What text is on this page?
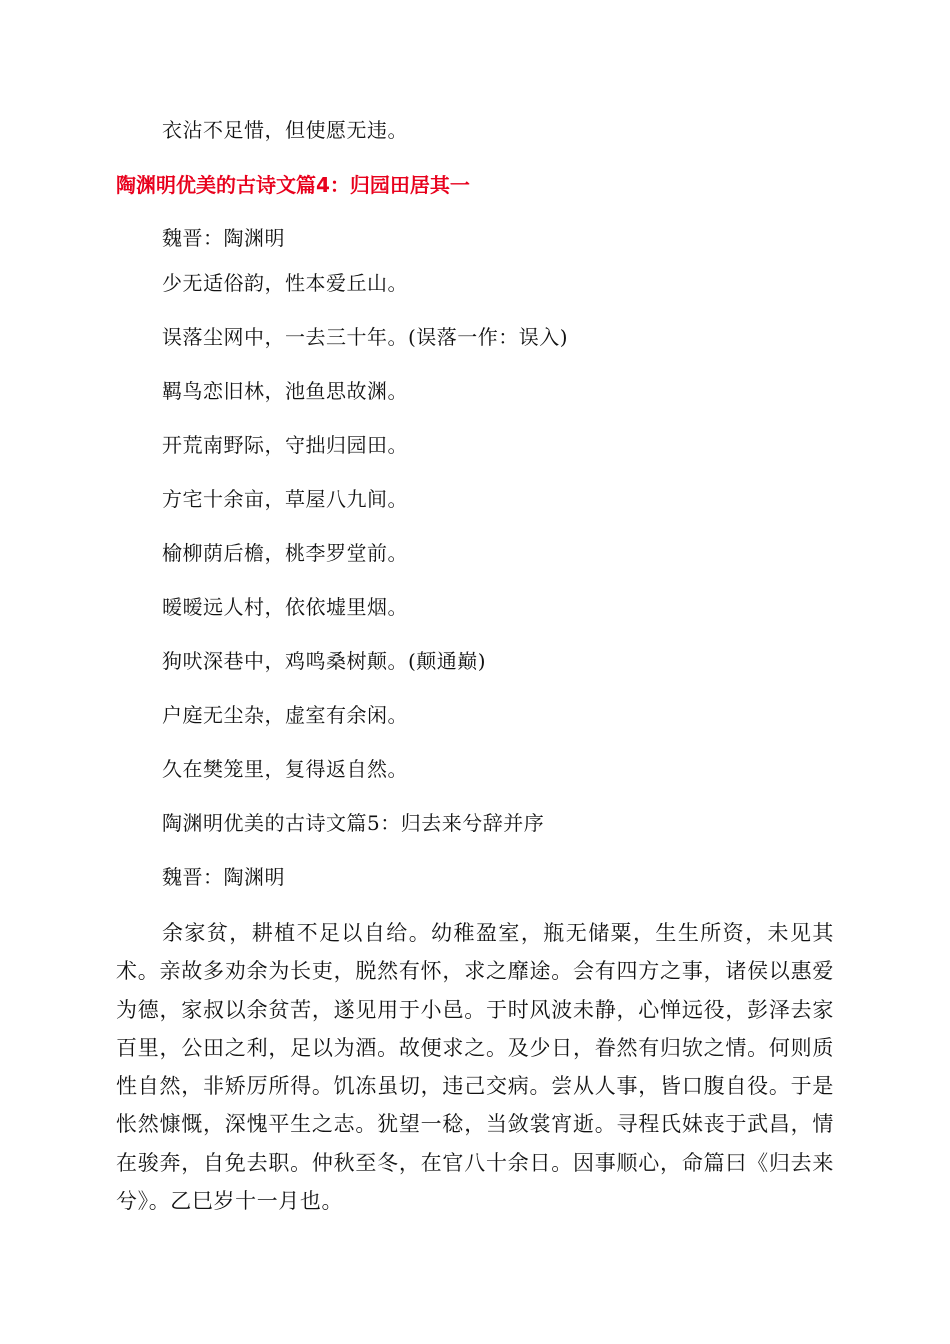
衣沾不足惜，但使愿无违。
陶渊明优美的古诗文篇4：归园田居其一
魏晋：陶渊明
少无适俗韵，性本爱丘山。
误落尘网中，一去三十年。(误落一作：误入)
羁鸟恋旧林，池鱼思故渊。
开荒南野际，守拙归园田。
方宅十余亩，草屋八九间。
榆柳荫后檐，桃李罗堂前。
暧暧远人村，依依墟里烟。
狗吠深巷中，鸡鸣桑树颠。(颠通巅)
户庭无尘杂，虚室有余闲。
久在樊笼里，复得返自然。
陶渊明优美的古诗文篇5：归去来兮辞并序
魏晋：陶渊明

余家贫，耕植不足以自给。幼稚盈室，瓶无储粟，生生所资，未见其术。亲故多劝余为长吏，脱然有怀，求之靡途。会有四方之事，诸侯以惠爱为德，家叔以余贫苦，遂见用于小邑。于时风波未静，心惮远役，彭泽去家百里，公田之利，足以为酒。故便求之。及少日，眷然有归欤之情。何则质性自然，非矫厉所得。饥冻虽切，违己交病。尝从人事，皆口腹自役。于是怅然慷慨，深愧平生之志。犹望一稔，当敛裳宵逝。寻程氏妹丧于武昌，情在骏奔，自免去职。仲秋至冬，在官八十余日。因事顺心，命篇曰《归去来兮》。乙巳岁十一月也。
